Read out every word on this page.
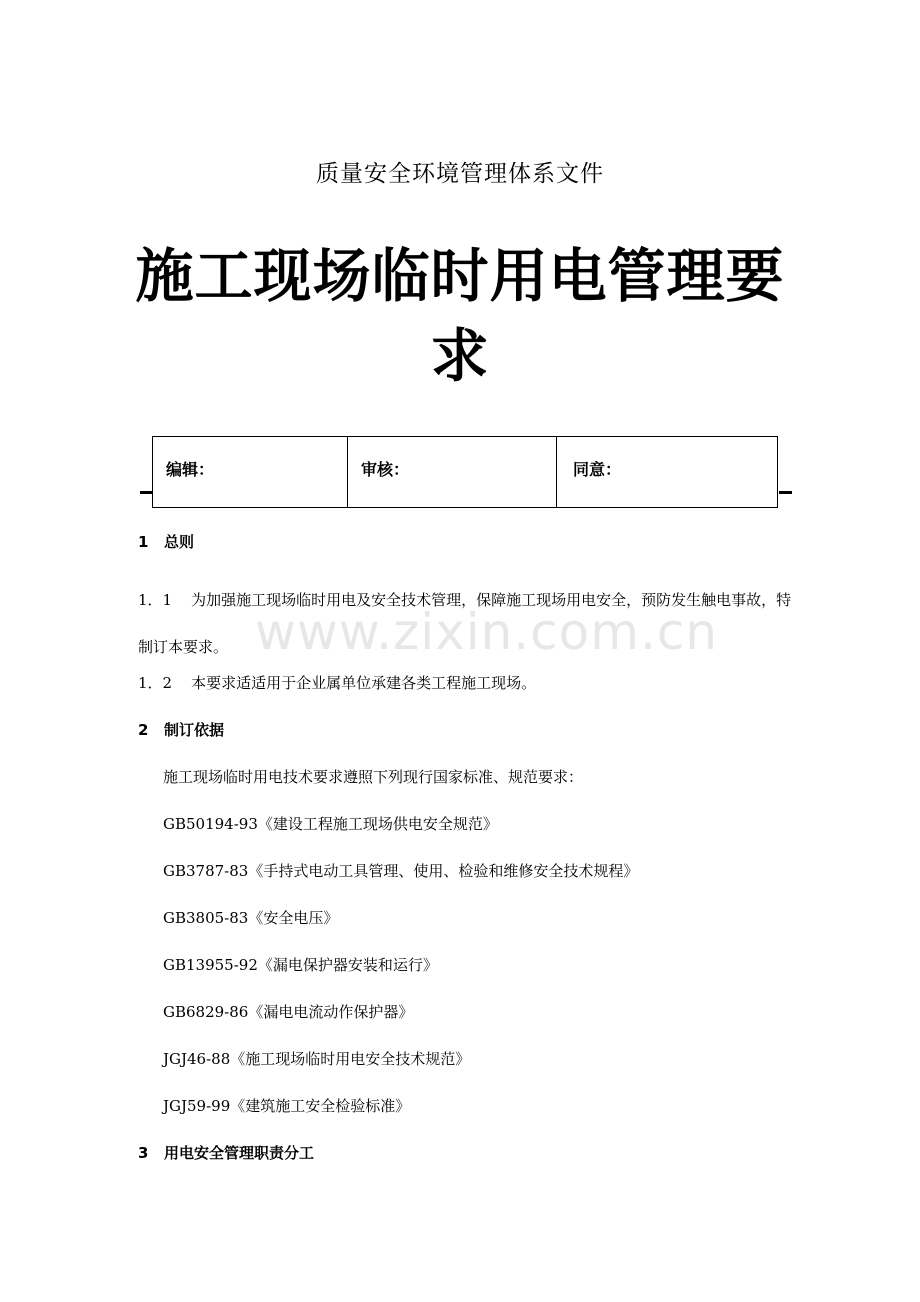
质量安全环境管理体系文件
施工现场临时用电管理要求
编辑：	审核：	同意：
1 总则
1．1 为加强施工现场临时用电及安全技术管理，保障施工现场用电安全，预防发生触电事故，特制订本要求。
1．2 本要求适适用于企业属单位承建各类工程施工现场。
2 制订依据
施工现场临时用电技术要求遵照下列现行国家标准、规范要求：
GB50194-93《建设工程施工现场供电安全规范》
GB3787-83《手持式电动工具管理、使用、检验和维修安全技术规程》
GB3805-83《安全电压》
GB13955-92《漏电保护器安装和运行》
GB6829-86《漏电电流动作保护器》
JGJ46-88《施工现场临时用电安全技术规范》
JGJ59-99《建筑施工安全检验标准》
3 用电安全管理职责分工
www.zixin.com.cn
